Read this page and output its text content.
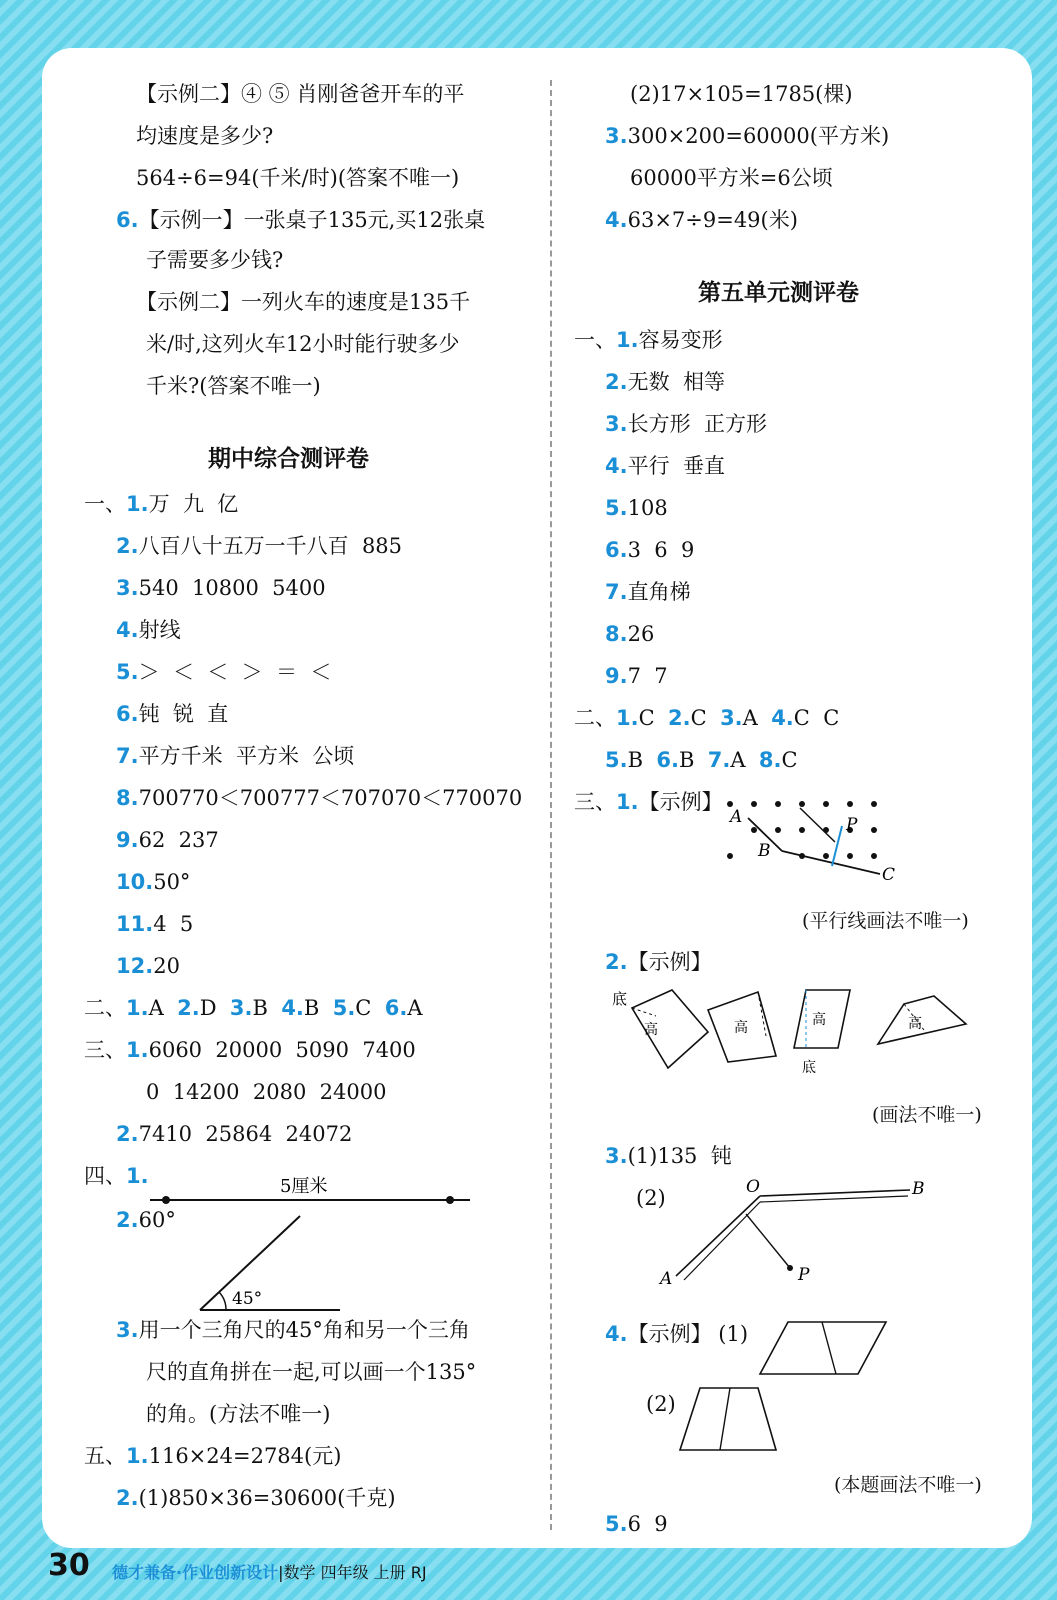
【示例二】④ ⑤ 肖刚爸爸开车的平
均速度是多少?
564÷6=94(千米/时)(答案不唯一)
6.【示例一】一张桌子135元,买12张桌
子需要多少钱?
【示例二】一列火车的速度是135千
米/时,这列火车12小时能行驶多少
千米?(答案不唯一)
期中综合测评卷
一、1.万  九  亿
2.八百八十五万一千八百  885
3.540  10800  5400
4.射线
5.＞  ＜  ＜  ＞  ＝  ＜
6.钝  锐  直
7.平方千米  平方米  公顷
8.700770＜700777＜707070＜770070
9.62  237
10.50°
11.4  5
12.20
二、1.A 2.D 3.B 4.B 5.C 6.A
三、1.6060  20000  5090  7400
0  14200  2080  24000
2.7410  25864  24072
四、1.	5厘米
2.60°
45°
3.用一个三角尺的45°角和另一个三角
尺的直角拼在一起,可以画一个135°
的角。(方法不唯一)
五、1.116×24=2784(元)
2.(1)850×36=30600(千克)
(2)17×105=1785(棵)
3.300×200=60000(平方米)
60000平方米=6公顷
4.63×7÷9=49(米)
第五单元测评卷
一、1.容易变形
2.无数  相等
3.长方形  正方形
4.平行  垂直
5.108
6.3  6  9
7.直角梯
8.26
9.7  7
二、1.C 2.C 3.A 4.C  C
5.B 6.B 7.A 8.C
三、1.【示例】
A
B
P
C
(平行线画法不唯一)
2.【示例】
底
高	高	高
底
高
(画法不唯一)
3.(1)135  钝
(2)	O	B
A	P
4.【示例】 (1)
(2)
(本题画法不唯一)
5.6  9
30 德才兼备·作业创新设计|数学 四年级 上册 RJ
